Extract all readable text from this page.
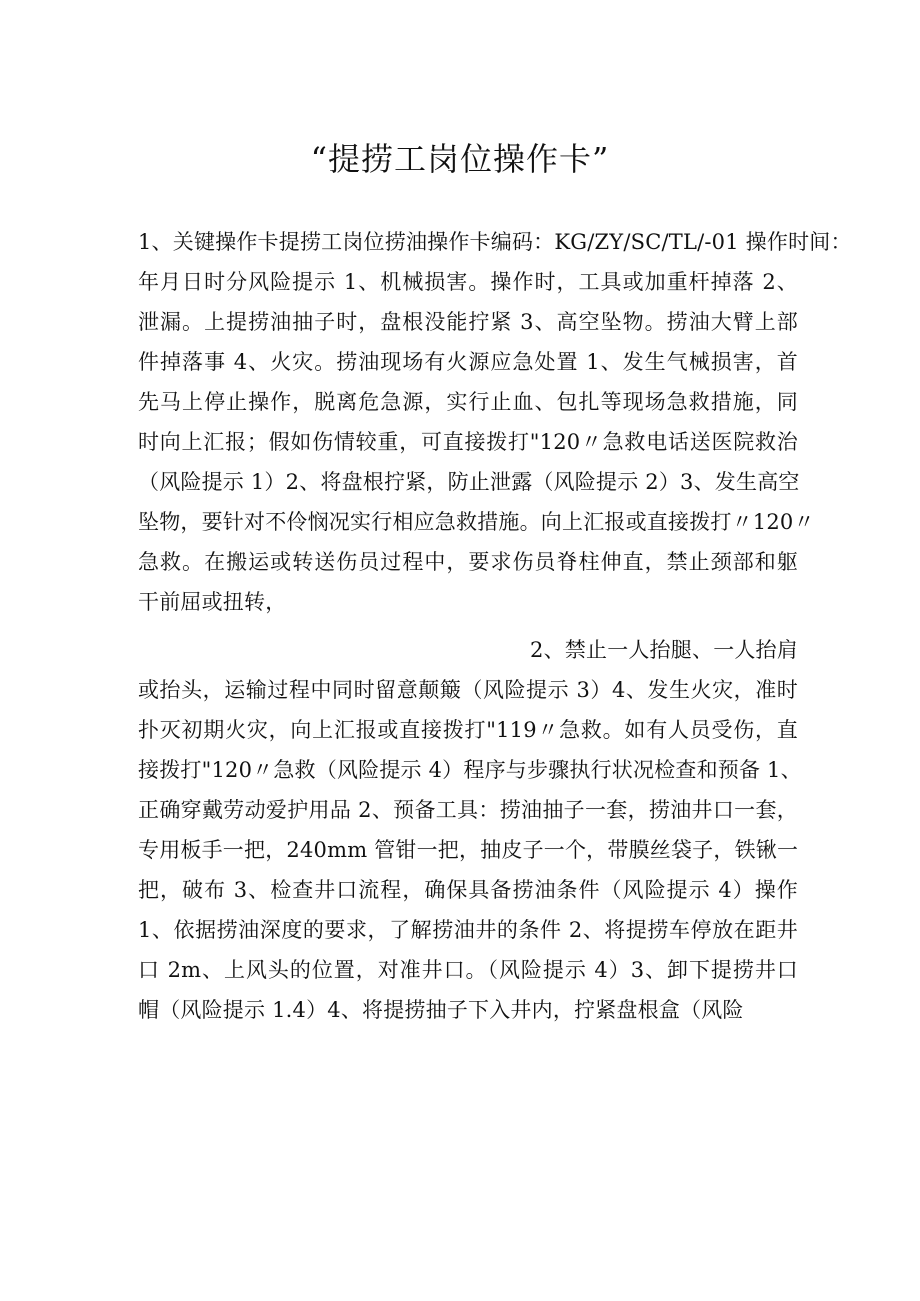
“提捞工岗位操作卡”
1、关键操作卡提捞工岗位捞油操作卡编码：KG/ZY/SC/TL/-01 操作时间：
年月日时分风险提示 1、机械损害。操作时，工具或加重杆掉落 2、
泄漏。上提捞油抽子时，盘根没能拧紧 3、高空坠物。捞油大臂上部
件掉落事 4、火灾。捞油现场有火源应急处置 1、发生气械损害，首
先马上停止操作，脱离危急源，实行止血、包扎等现场急救措施，同
时向上汇报；假如伤情较重，可直接拨打"120〃急救电话送医院救治
（风险提示 1）2、将盘根拧紧，防止泄露（风险提示 2）3、发生高空
坠物，要针对不伶悯况实行相应急救措施。向上汇报或直接拨打〃120〃
急救。在搬运或转送伤员过程中，要求伤员脊柱伸直，禁止颈部和躯
干前屈或扭转，
2、禁止一人抬腿、一人抬肩
或抬头，运输过程中同时留意颠簸（风险提示 3）4、发生火灾，准时
扑灭初期火灾，向上汇报或直接拨打"119〃急救。如有人员受伤，直
接拨打"120〃急救（风险提示 4）程序与步骤执行状况检查和预备 1、
正确穿戴劳动爱护用品 2、预备工具：捞油抽子一套，捞油井口一套，
专用板手一把，240mm 管钳一把，抽皮子一个，带膜丝袋子，铁锹一
把，破布 3、检查井口流程，确保具备捞油条件（风险提示 4）操作
1、依据捞油深度的要求，了解捞油井的条件 2、将提捞车停放在距井
口 2m、上风头的位置，对准井口。（风险提示 4）3、卸下提捞井口
帽（风险提示 1.4）4、将提捞抽子下入井内，拧紧盘根盒（风险
